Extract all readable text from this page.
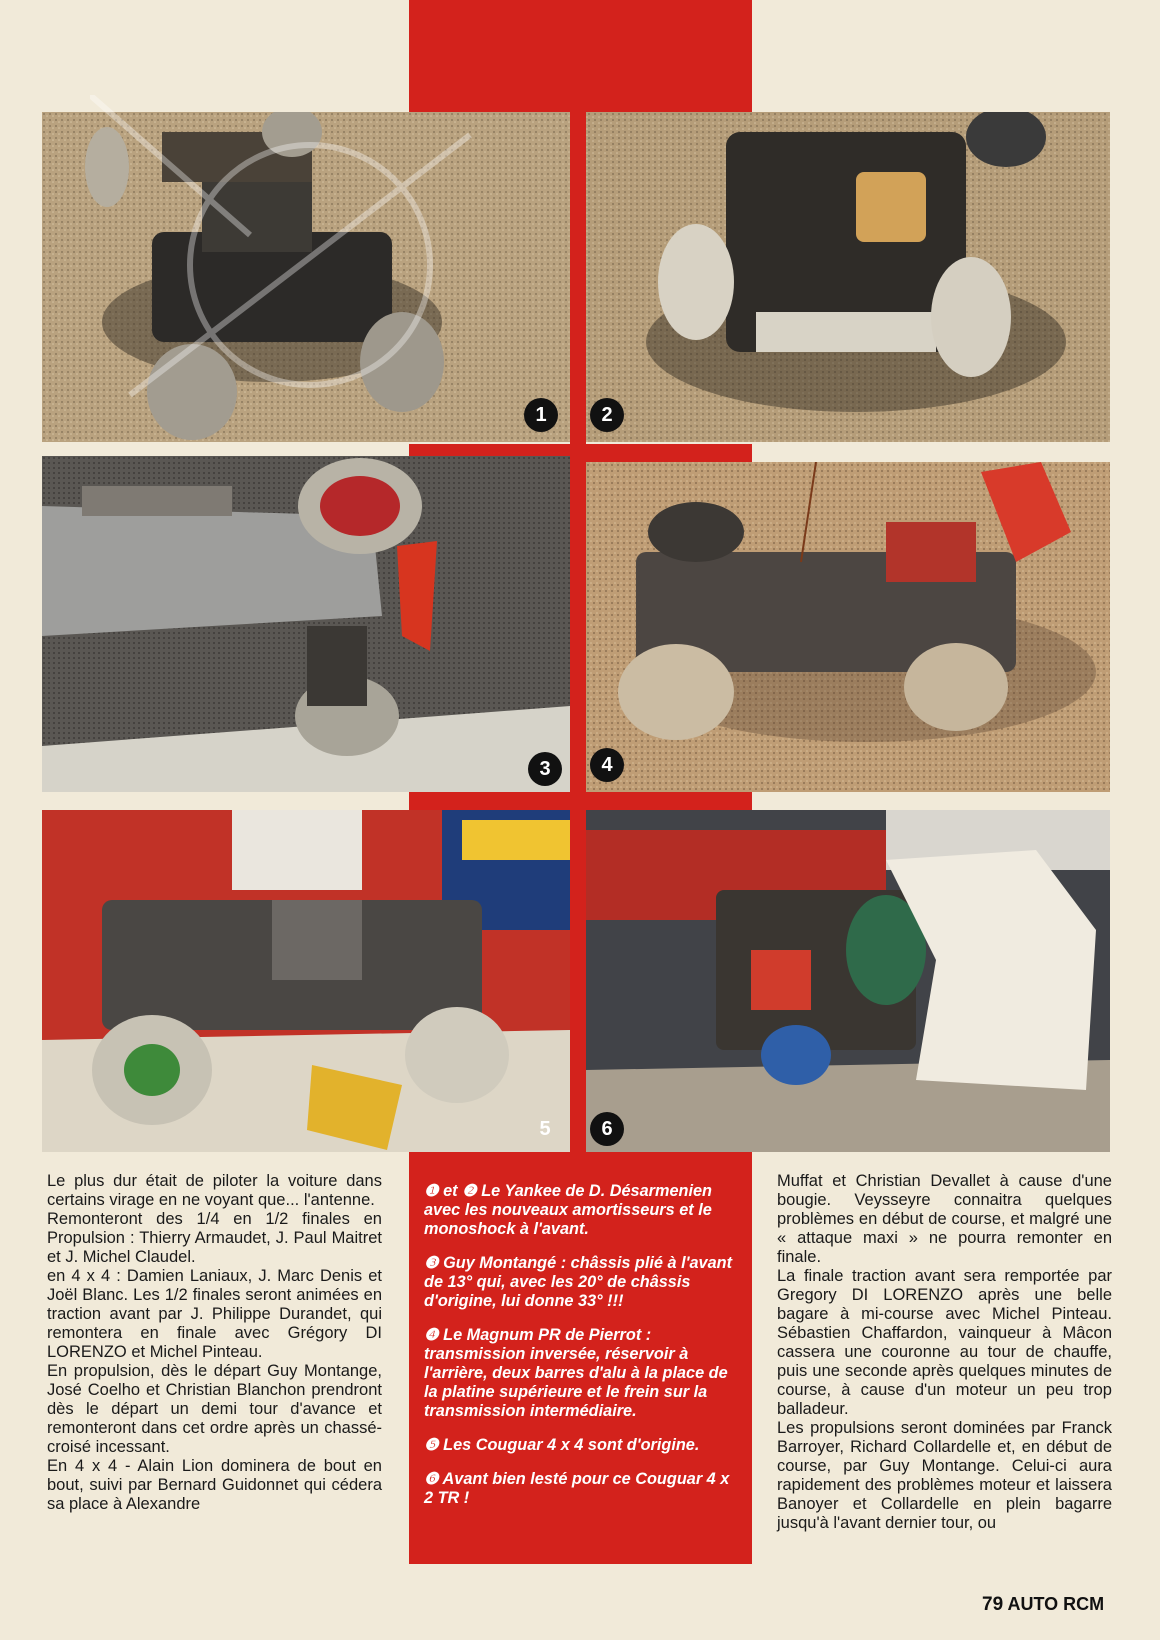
1	2
3	4
5	6

Le plus dur était de piloter la voiture dans certains virage en ne voyant que... l'antenne.

Remonteront des 1/4 en 1/2 finales en Propulsion : Thierry Armaudet, J. Paul Maitret et J. Michel Claudel.

en 4 x 4 : Damien Laniaux, J. Marc Denis et Joël Blanc. Les 1/2 finales seront animées en traction avant par J. Philippe Durandet, qui remontera en finale avec Grégory DI LORENZO et Michel Pinteau.

En propulsion, dès le départ Guy Montange, José Coelho et Christian Blanchon prendront dès le départ un demi tour d'avance et remonteront dans cet ordre après un chassé-croisé incessant.

En 4 x 4 - Alain Lion dominera de bout en bout, suivi par Bernard Guidonnet qui cédera sa place à Alexandre

❶ et ❷ Le Yankee de D. Désarmenien avec les nouveaux amortisseurs et le monoshock à l'avant.

❸ Guy Montangé : châssis plié à l'avant de 13° qui, avec les 20° de châssis d'origine, lui donne 33° !!!

❹ Le Magnum PR de Pierrot : transmission inversée, réservoir à l'arrière, deux barres d'alu à la place de la platine supérieure et le frein sur la transmission intermédiaire.

❺ Les Couguar 4 x 4 sont d'origine.

❻ Avant bien lesté pour ce Couguar 4 x 2 TR !

Muffat et Christian Devallet à cause d'une bougie. Veysseyre connaitra quelques problèmes en début de course, et malgré une « attaque maxi » ne pourra remonter en finale.

La finale traction avant sera remportée par Gregory DI LORENZO après une belle bagare à mi-course avec Michel Pinteau. Sébastien Chaffardon, vainqueur à Mâcon cassera une couronne au tour de chauffe, puis une seconde après quelques minutes de course, à cause d'un moteur un peu trop balladeur.

Les propulsions seront dominées par Franck Barroyer, Richard Collardelle et, en début de course, par Guy Montange. Celui-ci aura rapidement des problèmes moteur et laissera Banoyer et Collardelle en plein bagarre jusqu'à l'avant dernier tour, ou

79 AUTO RCM
